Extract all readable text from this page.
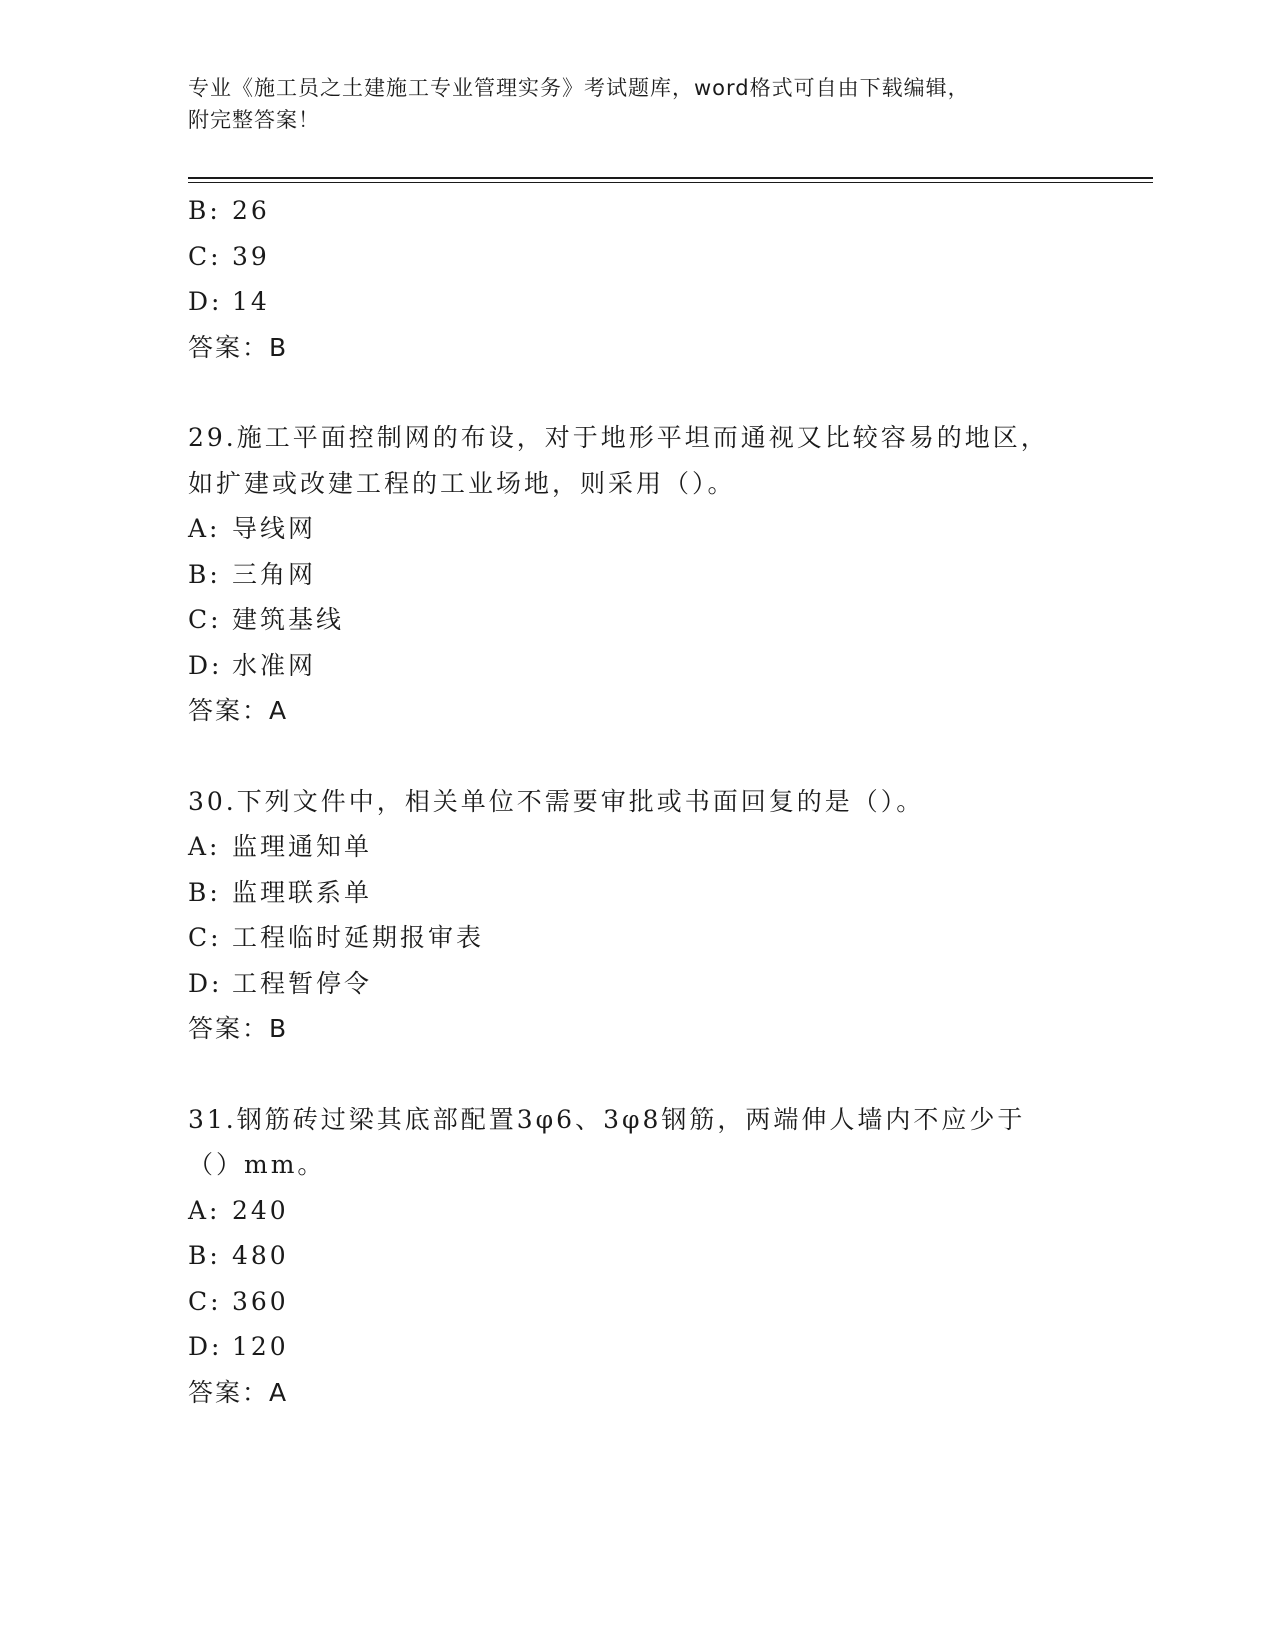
专业《施工员之土建施工专业管理实务》考试题库，word格式可自由下载编辑，
附完整答案！
B: 26
C: 39
D: 14
答案：B
29.施工平面控制网的布设，对于地形平坦而通视又比较容易的地区，
如扩建或改建工程的工业场地，则采用（）。
A: 导线网
B: 三角网
C: 建筑基线
D: 水准网
答案：A
30.下列文件中，相关单位不需要审批或书面回复的是（）。
A: 监理通知单
B: 监理联系单
C: 工程临时延期报审表
D: 工程暂停令
答案：B
31.钢筋砖过梁其底部配置3φ6、3φ8钢筋，两端伸人墙内不应少于
（）mm。
A: 240
B: 480
C: 360
D: 120
答案：A
